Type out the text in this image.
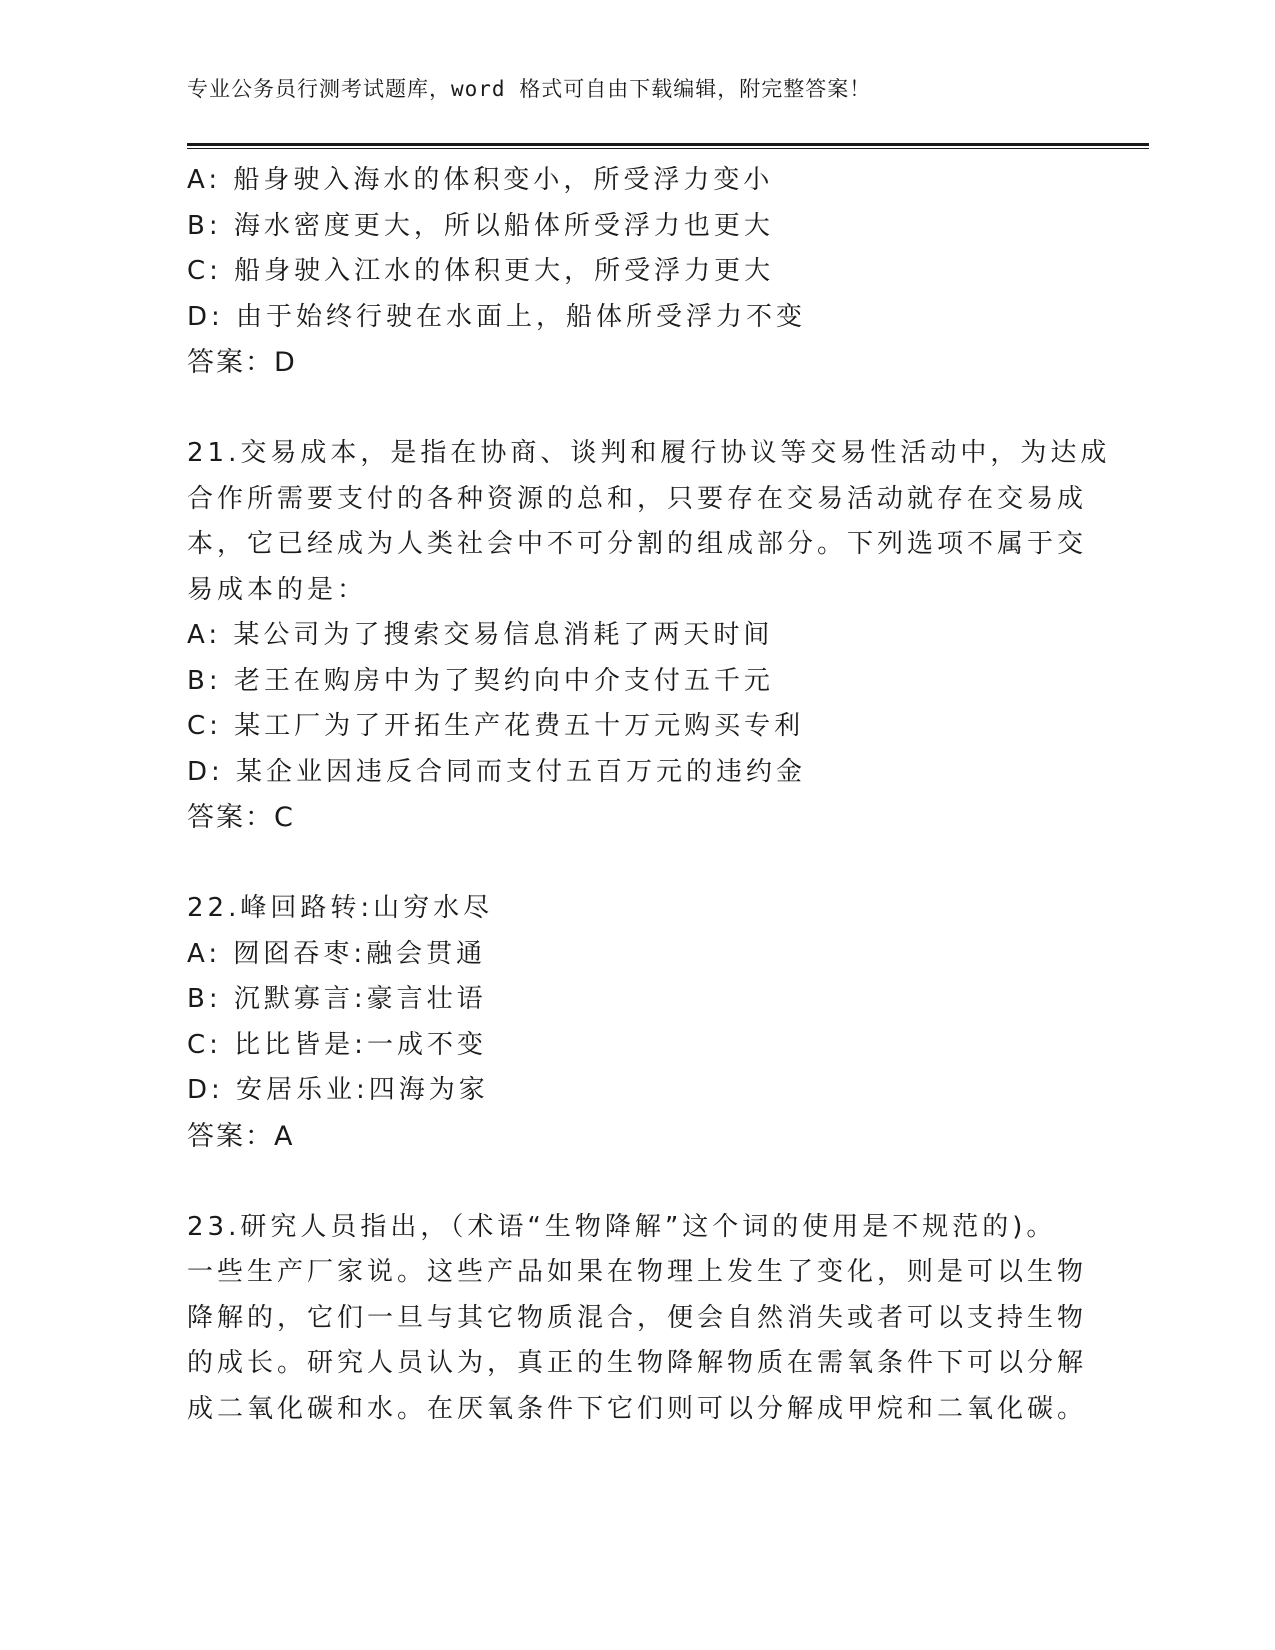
专业公务员行测考试题库，word 格式可自由下载编辑，附完整答案！
A: 船身驶入海水的体积变小，所受浮力变小
B: 海水密度更大，所以船体所受浮力也更大
C: 船身驶入江水的体积更大，所受浮力更大
D: 由于始终行驶在水面上，船体所受浮力不变
答案：D
21.交易成本，是指在协商、谈判和履行协议等交易性活动中，为达成
合作所需要支付的各种资源的总和，只要存在交易活动就存在交易成
本，它已经成为人类社会中不可分割的组成部分。下列选项不属于交
易成本的是：
A: 某公司为了搜索交易信息消耗了两天时间
B: 老王在购房中为了契约向中介支付五千元
C: 某工厂为了开拓生产花费五十万元购买专利
D: 某企业因违反合同而支付五百万元的违约金
答案：C
22.峰回路转:山穷水尽
A: 囫囵吞枣:融会贯通
B: 沉默寡言:豪言壮语
C: 比比皆是:一成不变
D: 安居乐业:四海为家
答案：A
23.研究人员指出，（术语“生物降解”这个词的使用是不规范的)。
一些生产厂家说。这些产品如果在物理上发生了变化，则是可以生物
降解的，它们一旦与其它物质混合，便会自然消失或者可以支持生物
的成长。研究人员认为，真正的生物降解物质在需氧条件下可以分解
成二氧化碳和水。在厌氧条件下它们则可以分解成甲烷和二氧化碳。
